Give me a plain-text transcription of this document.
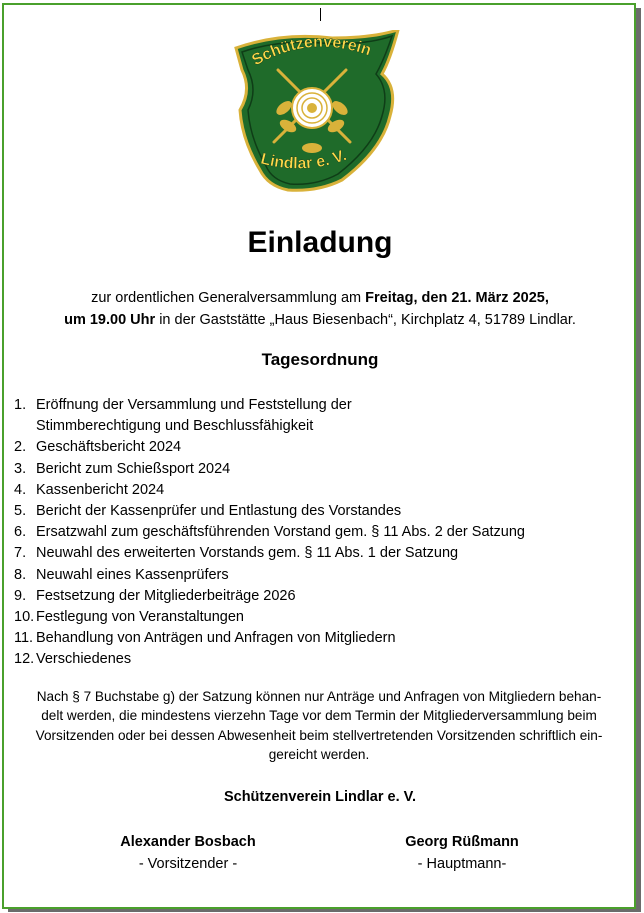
Schützenverein
Lindlar e. V.
Einladung
zur ordentlichen Generalversammlung am Freitag, den 21. März 2025,
um 19.00 Uhr in der Gaststätte „Haus Biesenbach“, Kirchplatz 4, 51789 Lindlar.
Tagesordnung
1. Eröffnung der Versammlung und Feststellung der
Stimmberechtigung und Beschlussfähigkeit
2. Geschäftsbericht 2024
3. Bericht zum Schießsport 2024
4. Kassenbericht 2024
5. Bericht der Kassenprüfer und Entlastung des Vorstandes
6. Ersatzwahl zum geschäftsführenden Vorstand gem. § 11 Abs. 2 der Satzung
7. Neuwahl des erweiterten Vorstands gem. § 11 Abs. 1 der Satzung
8. Neuwahl eines Kassenprüfers
9. Festsetzung der Mitgliederbeiträge 2026
10. Festlegung von Veranstaltungen
11. Behandlung von Anträgen und Anfragen von Mitgliedern
12. Verschiedenes
Nach § 7 Buchstabe g) der Satzung können nur Anträge und Anfragen von Mitgliedern behan-
delt werden, die mindestens vierzehn Tage vor dem Termin der Mitgliederversammlung beim
Vorsitzenden oder bei dessen Abwesenheit beim stellvertretenden Vorsitzenden schriftlich ein-
gereicht werden.
Schützenverein Lindlar e. V.
Alexander Bosbach
- Vorsitzender -
Georg Rüßmann
- Hauptmann-
